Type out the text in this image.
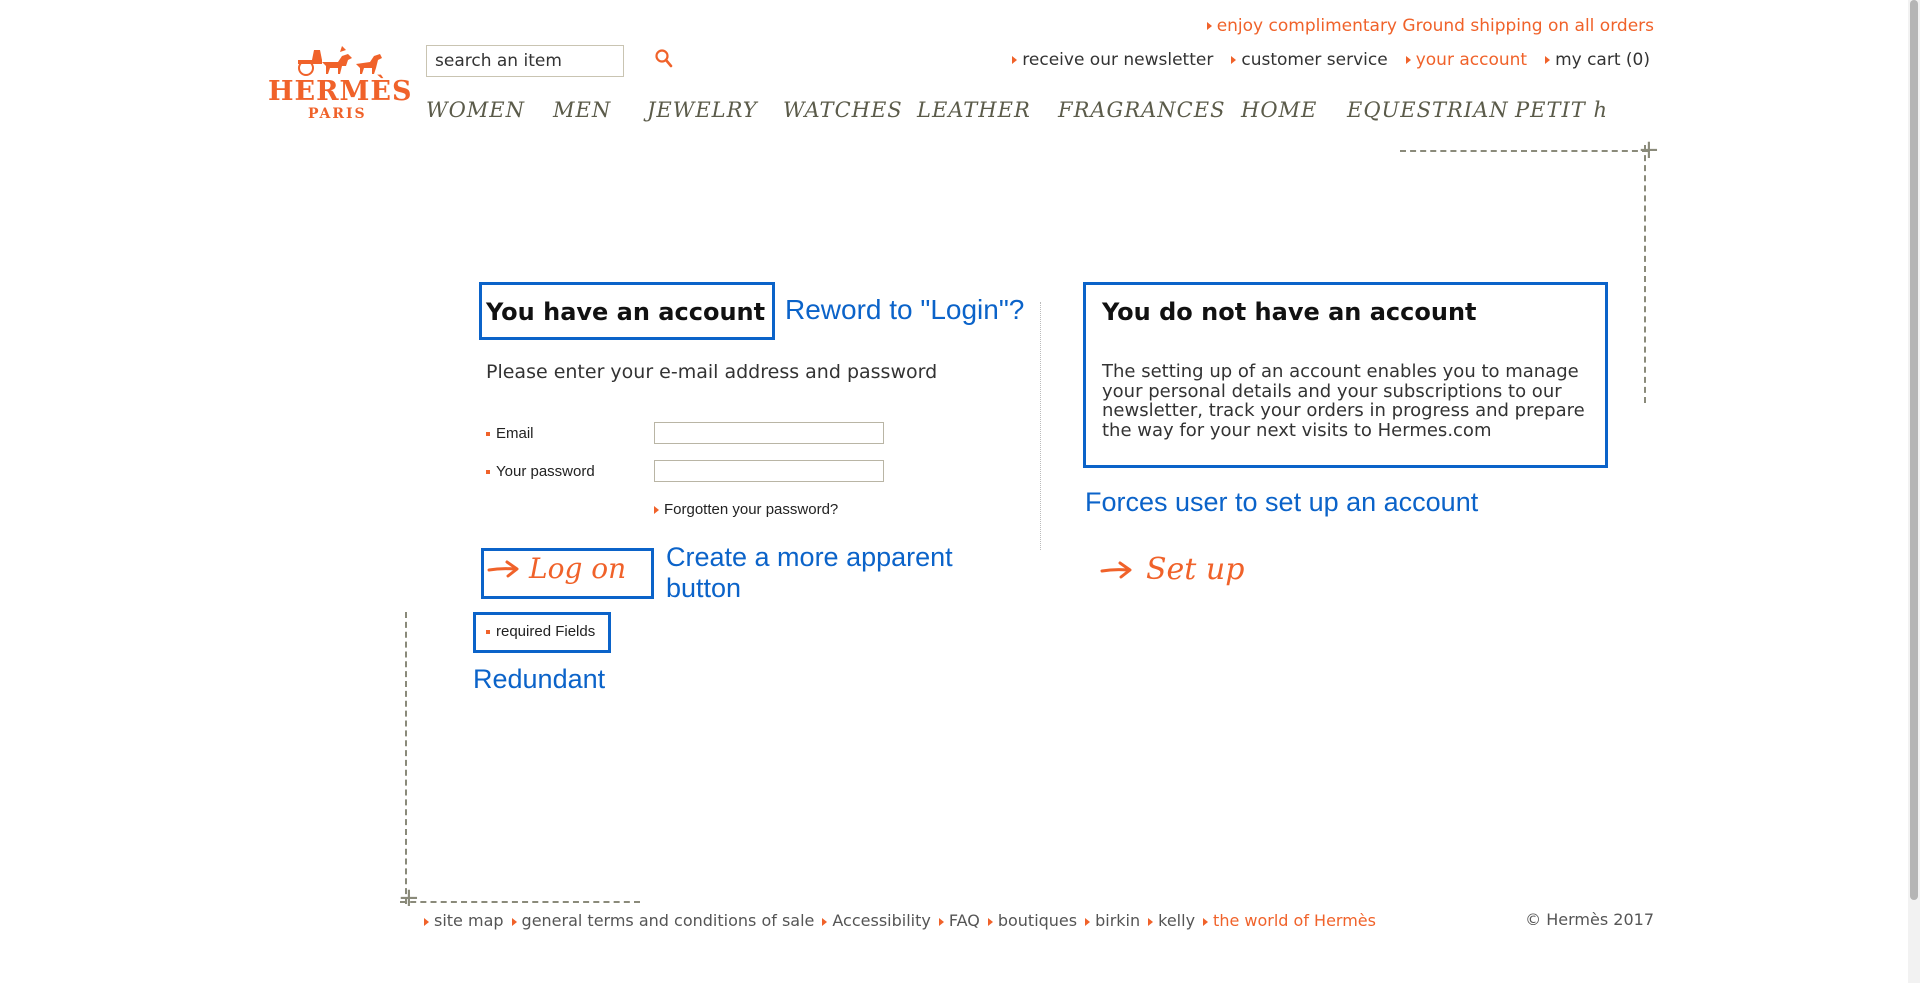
enjoy complimentary Ground shipping on all orders
receive our newsletter	customer service	your account	my cart (0)
HERMÈS
PARIS
search an item	WOMEN	MEN	JEWELRY	WATCHES LEATHER	FRAGRANCES HOME	EQUESTRIAN PETIT h
+
+
You have an account Reword to "Login"?
Please enter your e-mail address and password
Email
Your password
Forgotten your password?
Log on Create a more apparent
button
required Fields
Redundant
You do not have an account
The setting up of an account enables you to manage your personal details and your subscriptions to our newsletter, track your orders in progress and prepare the way for your next visits to Hermes.com
Forces user to set up an account
Set up
site map	general terms and conditions of sale	Accessibility	FAQ	boutiques	birkin	kelly	the world of Hermès	© Hermès 2017
